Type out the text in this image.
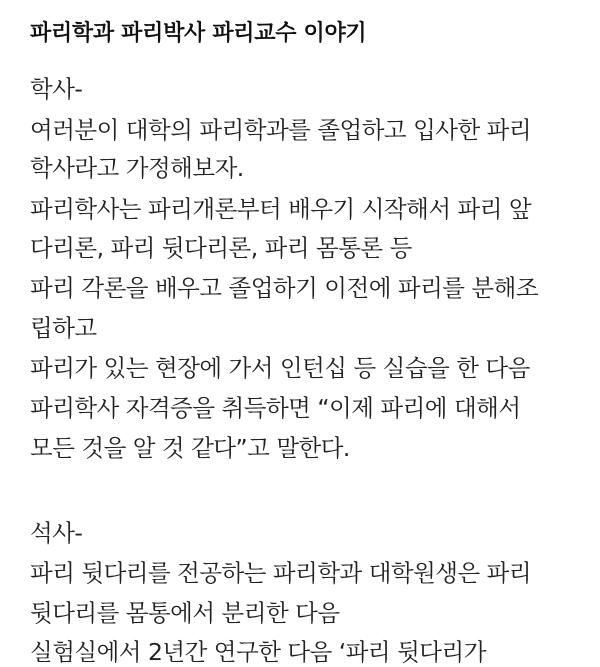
파리학과 파리박사 파리교수 이야기
학사-
여러분이 대학의 파리학과를 졸업하고 입사한 파리
학사라고 가정해보자.
파리학사는 파리개론부터 배우기 시작해서 파리 앞
다리론, 파리 뒷다리론, 파리 몸통론 등
파리 각론을 배우고 졸업하기 이전에 파리를 분해조
립하고
파리가 있는 현장에 가서 인턴십 등 실습을 한 다음
파리학사 자격증을 취득하면 “이제 파리에 대해서
모든 것을 알 것 같다”고 말한다.
석사-
파리 뒷다리를 전공하는 파리학과 대학원생은 파리
뒷다리를 몸통에서 분리한 다음
실험실에서 2년간 연구한 다음 ‘파리 뒷다리가
